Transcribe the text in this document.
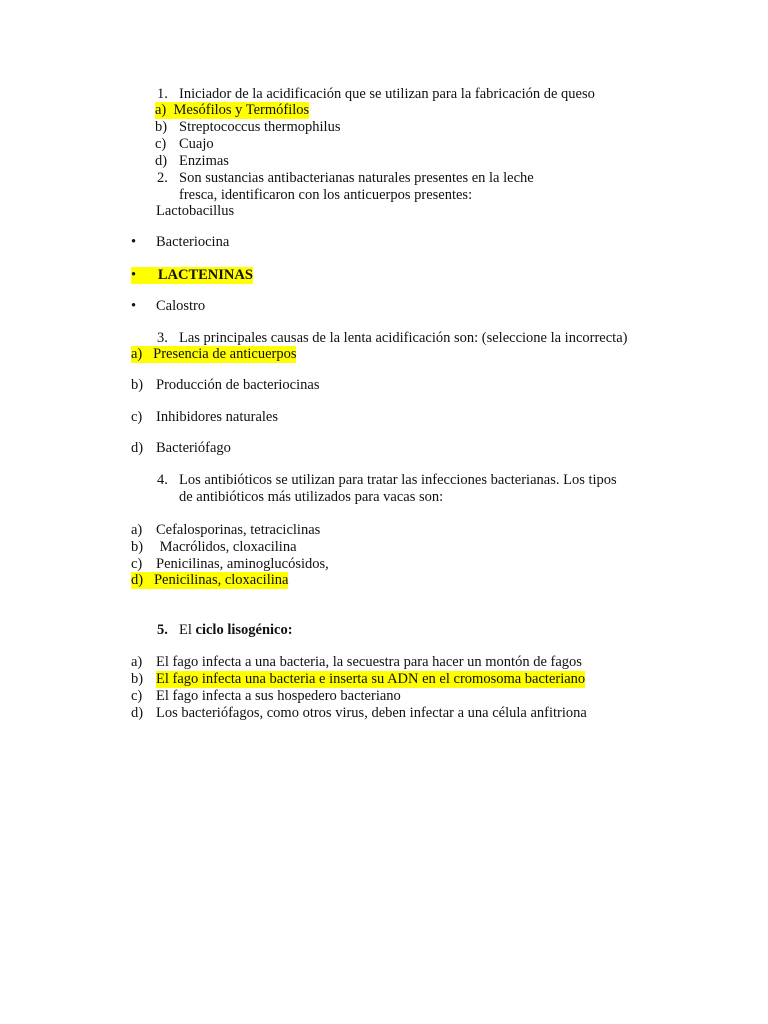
1. Iniciador de la acidificación que se utilizan para la fabricación de queso
a) Mesófilos y Termófilos
b) Streptococcus thermophilus
c) Cuajo
d) Enzimas
2. Son sustancias antibacterianas naturales presentes en la leche
fresca, identificaron con los anticuerpos presentes:
Lactobacillus
• Bacteriocina
• LACTENINAS
• Calostro
3. Las principales causas de la lenta acidificación son: (seleccione la incorrecta)
a) Presencia de anticuerpos
b) Producción de bacteriocinas
c) Inhibidores naturales
d) Bacteriófago
4. Los antibióticos se utilizan para tratar las infecciones bacterianas. Los tipos
de antibióticos más utilizados para vacas son:
a) Cefalosporinas, tetraciclinas
b) Macrólidos, cloxacilina
c) Penicilinas, aminoglucósidos,
d) Penicilinas, cloxacilina
5. El ciclo lisogénico:
a) El fago infecta a una bacteria, la secuestra para hacer un montón de fagos
b) El fago infecta una bacteria e inserta su ADN en el cromosoma bacteriano
c) El fago infecta a sus hospedero bacteriano
d) Los bacteriófagos, como otros virus, deben infectar a una célula anfitriona
